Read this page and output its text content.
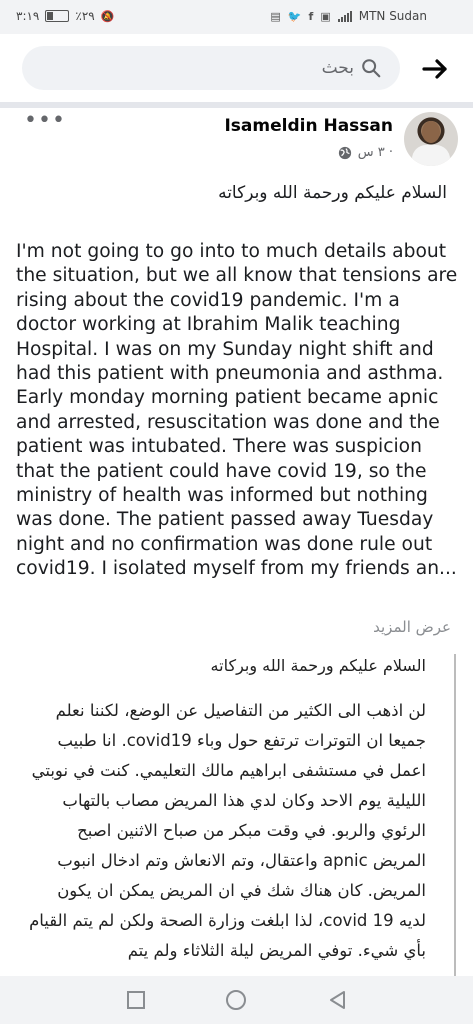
٣:١٩	٪٢٩ 🔕	▤ 🐦 f ▣ MTN Sudan
بحث
Isameldin Hassan
٣ س ·
•••
السلام عليكم ورحمة الله وبركاته
I'm not going to go into to much details about the situation, but we all know that tensions are rising about the covid19 pandemic. I'm a doctor working at Ibrahim Malik teaching Hospital. I was on my Sunday night shift and had this patient with pneumonia and asthma. Early monday morning patient became apnic and arrested, resuscitation was done and the patient was intubated. There was suspicion that the patient could have covid 19, so the ministry of health was informed but nothing was done. The patient passed away Tuesday night and no confirmation was done rule out covid19. I isolated myself from my friends an...
عرض المزيد
السلام عليكم ورحمة الله وبركاته
لن اذهب الى الكثير من التفاصيل عن الوضع، لكننا نعلم جميعا ان التوترات ترتفع حول وباء covid19. انا طبيب اعمل في مستشفى ابراهيم مالك التعليمي. كنت في نوبتي الليلية يوم الاحد وكان لدي هذا المريض مصاب بالتهاب الرئوي والربو. في وقت مبكر من صباح الاثنين اصبح المريض apnic واعتقال، وتم الانعاش وتم ادخال انبوب المريض. كان هناك شك في ان المريض يمكن ان يكون لديه covid 19، لذا ابلغت وزارة الصحة ولكن لم يتم القيام بأي شيء. توفي المريض ليلة الثلاثاء ولم يتم
